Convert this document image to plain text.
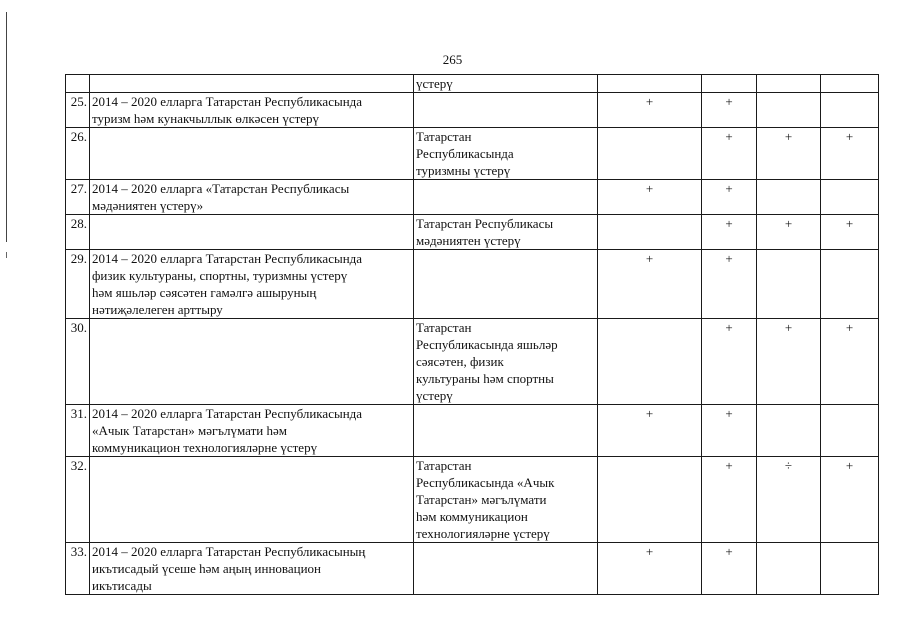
265

		үстерү				

25.	2014 – 2020 елларга Татарстан Республикасында
туризм һәм кунакчыллык өлкәсен үстерү		+	+		
26.		Татарстан
Республикасында
туризмны үстерү		+	+	+
27.	2014 – 2020 елларга «Татарстан Республикасы
мәдәниятен үстерү»		+	+		
28.		Татарстан Республикасы
мәдәниятен үстерү		+	+	+
29.	2014 – 2020 елларга Татарстан Республикасында
физик культураны, спортны, туризмны үстерү
һәм яшьләр сәясәтен гамәлгә ашыруның
нәтиҗәлелеген арттыру		+	+		
30.		Татарстан
Республикасында яшьләр
сәясәтен, физик
культураны һәм спортны
үстерү		+	+	+
31.	2014 – 2020 елларга Татарстан Республикасында
«Ачык Татарстан» мәгълүмати һәм
коммуникацион технологияләрне үстерү		+	+		
32.		Татарстан
Республикасында «Ачык
Татарстан» мәгълүмати
һәм коммуникацион
технологияләрне үстерү		+	÷	+
33.	2014 – 2020 елларга Татарстан Республикасының
икътисадый үсеше һәм аңың инновацион
икътисады		+	+		
